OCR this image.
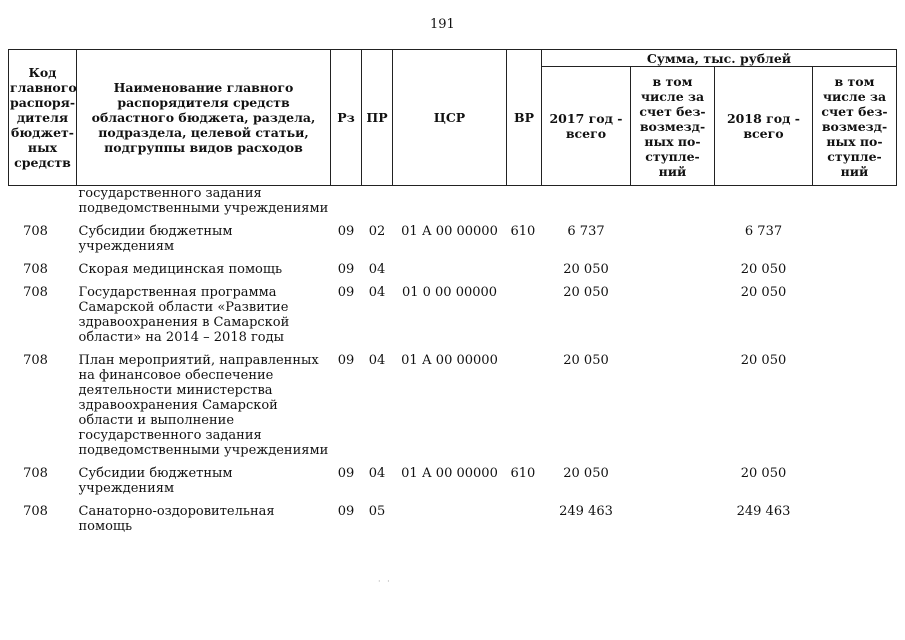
191
Код главного распоря-дителя бюджет-ных средств	Наименование главного распорядителя средств областного бюджета, раздела, подраздела, целевой статьи, подгруппы видов расходов	Рз	ПР	ЦСР	ВР	Сумма, тыс. рублей			
						2017 год - всего	в том числе за счет без-возмезд-ных по-ступле-ний	2018 год - всего	в том числе за счет без-возмезд-ных по-ступле-ний
	государственного задания подведомственными учреждениями								
708	Субсидии бюджетным учреждениям	09	02	01 А 00 00000	610	6 737		6 737	
708	Скорая медицинская помощь	09	04			20 050		20 050	
708	Государственная программа Самарской области «Развитие здравоохранения в Самарской области» на 2014 – 2018 годы	09	04	01 0 00 00000		20 050		20 050	
708	План мероприятий, направленных на финансовое обеспечение деятельности министерства здравоохранения Самарской области и выполнение государственного задания подведомственными учреждениями	09	04	01 А 00 00000		20 050		20 050	
708	Субсидии бюджетным учреждениям	09	04	01 А 00 00000	610	20 050		20 050	
708	Санаторно-оздоровительная помощь	09	05			249 463		249 463	
· ·
